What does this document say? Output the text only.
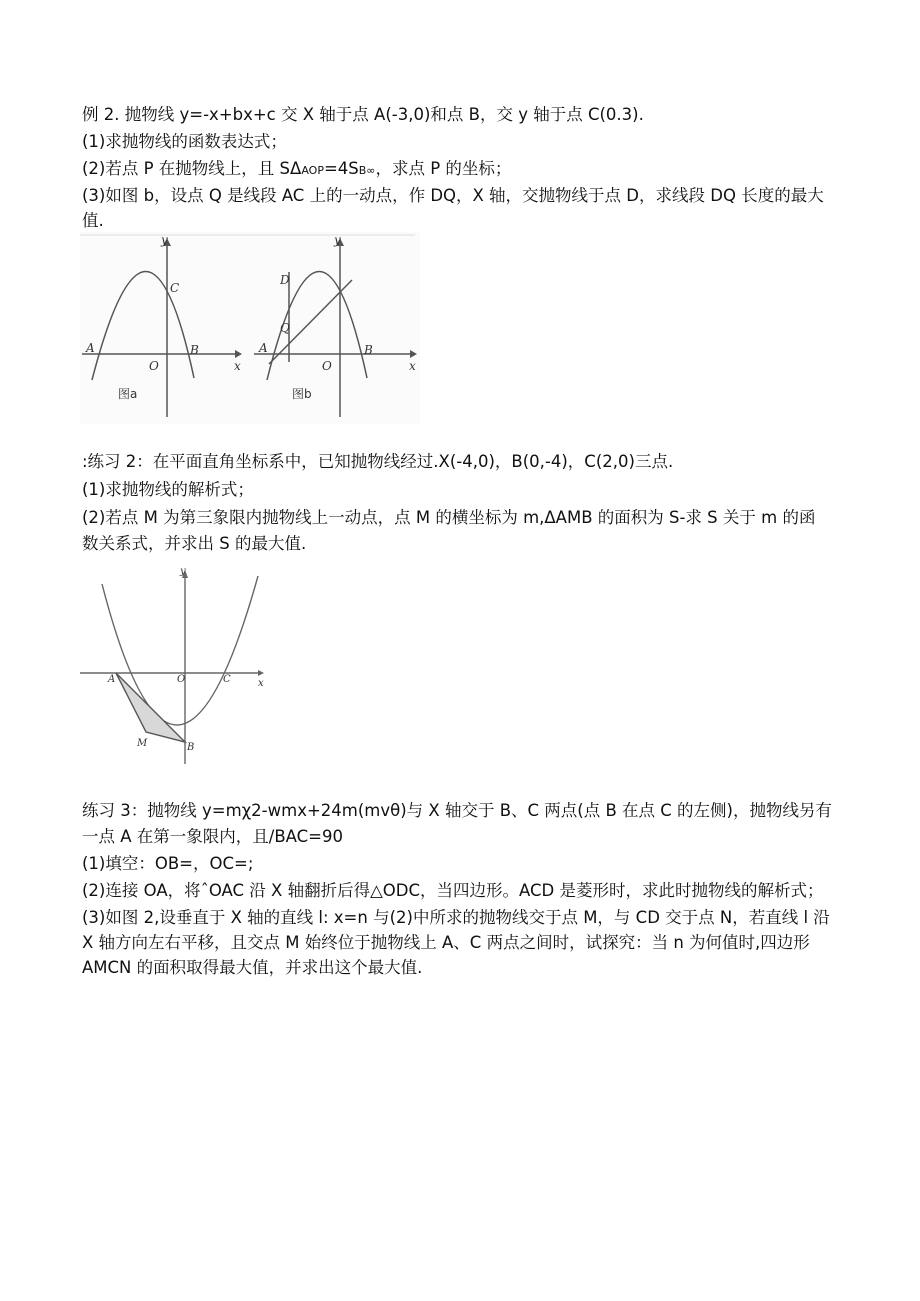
例 2. 抛物线 y=-x+bx+c 交 X 轴于点 A(-3,0)和点 B，交 y 轴于点 C(0.3).
(1)求抛物线的函数表达式；
(2)若点 P 在抛物线上，且 SΔAOP=4SB∞，求点 P 的坐标；
(3)如图 b，设点 Q 是线段 AC 上的一动点，作 DQ，X 轴，交抛物线于点 D，求线段 DQ 长度的最大
值.
y
x
A	B
C
O
图a
y
x
A	B
D
Q
O
图b
:练习 2：在平面直角坐标系中，已知抛物线经过.X(-4,0)，B(0,-4)，C(2,0)三点.
(1)求抛物线的解析式；
(2)若点 M 为第三象限内抛物线上一动点，点 M 的横坐标为 m,ΔAMB 的面积为 S-求 S 关于 m 的函
数关系式，并求出 S 的最大值.
y
x
A	O	C
M	B
练习 3：抛物线 y=mχ2-wmx+24m(mvθ)与 X 轴交于 B、C 两点(点 B 在点 C 的左侧)，抛物线另有
一点 A 在第一象限内，且/BAC=90
(1)填空：OB=，OC=;
(2)连接 OA，将ˆOAC 沿 X 轴翻折后得△ODC，当四边形。ACD 是菱形时，求此时抛物线的解析式；
(3)如图 2,设垂直于 X 轴的直线 l: x=n 与(2)中所求的抛物线交于点 M，与 CD 交于点 N，若直线 l 沿
X 轴方向左右平移，且交点 M 始终位于抛物线上 A、C 两点之间时，试探究：当 n 为何值时,四边形
AMCN 的面积取得最大值，并求出这个最大值.
